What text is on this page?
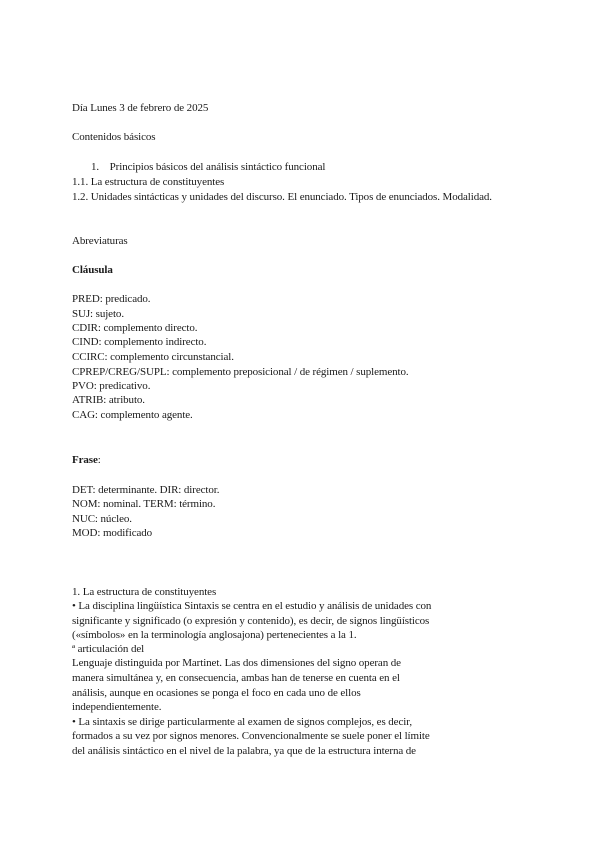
Día Lunes 3 de febrero de 2025
Contenidos básicos
1. Principios básicos del análisis sintáctico funcional
1.1. La estructura de constituyentes
1.2. Unidades sintácticas y unidades del discurso. El enunciado. Tipos de enunciados. Modalidad.
Abreviaturas
Cláusula
PRED: predicado.
SUJ: sujeto.
CDIR: complemento directo.
CIND: complemento indirecto.
CCIRC: complemento circunstancial.
CPREP/CREG/SUPL: complemento preposicional / de régimen / suplemento.
PVO: predicativo.
ATRIB: atributo.
CAG: complemento agente.
Frase:
DET: determinante. DIR: director.
NOM: nominal. TERM: término.
NUC: núcleo.
MOD: modificado
1. La estructura de constituyentes
• La disciplina lingüística Sintaxis se centra en el estudio y análisis de unidades con
significante y significado (o expresión y contenido), es decir, de signos lingüísticos
(«símbolos» en la terminología anglosajona) pertenecientes a la 1.
ª articulación del
Lenguaje distinguida por Martinet. Las dos dimensiones del signo operan de
manera simultánea y, en consecuencia, ambas han de tenerse en cuenta en el
análisis, aunque en ocasiones se ponga el foco en cada uno de ellos
independientemente.
• La sintaxis se dirige particularmente al examen de signos complejos, es decir,
formados a su vez por signos menores. Convencionalmente se suele poner el límite
del análisis sintáctico en el nivel de la palabra, ya que de la estructura interna de
